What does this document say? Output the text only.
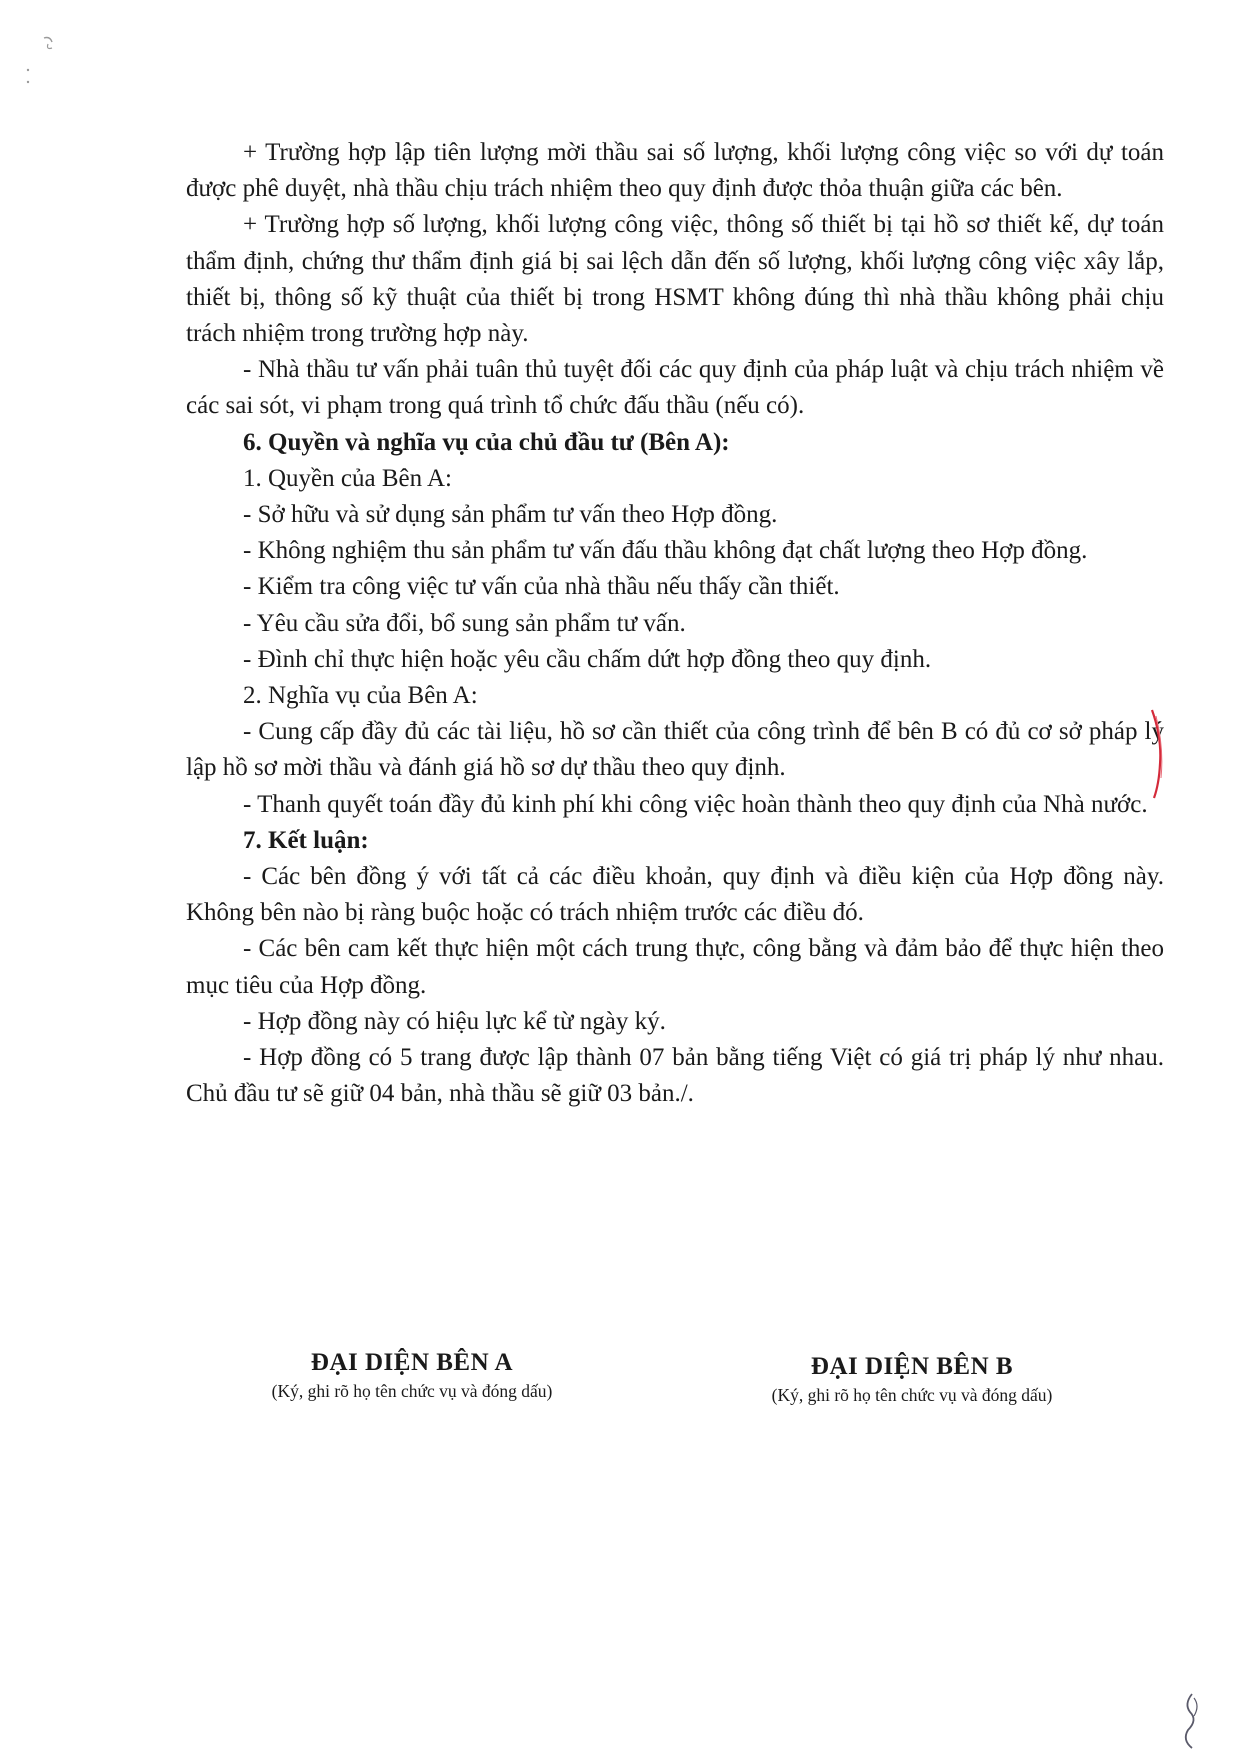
+ Trường hợp lập tiên lượng mời thầu sai số lượng, khối lượng công việc so với dự toán được phê duyệt, nhà thầu chịu trách nhiệm theo quy định được thỏa thuận giữa các bên.

+ Trường hợp số lượng, khối lượng công việc, thông số thiết bị tại hồ sơ thiết kế, dự toán thẩm định, chứng thư thẩm định giá bị sai lệch dẫn đến số lượng, khối lượng công việc xây lắp, thiết bị, thông số kỹ thuật của thiết bị trong HSMT không đúng thì nhà thầu không phải chịu trách nhiệm trong trường hợp này.

- Nhà thầu tư vấn phải tuân thủ tuyệt đối các quy định của pháp luật và chịu trách nhiệm về các sai sót, vi phạm trong quá trình tổ chức đấu thầu (nếu có).

6. Quyền và nghĩa vụ của chủ đầu tư (Bên A):

1. Quyền của Bên A:

- Sở hữu và sử dụng sản phẩm tư vấn theo Hợp đồng.

- Không nghiệm thu sản phẩm tư vấn đấu thầu không đạt chất lượng theo Hợp đồng.

- Kiểm tra công việc tư vấn của nhà thầu nếu thấy cần thiết.

- Yêu cầu sửa đổi, bổ sung sản phẩm tư vấn.

- Đình chỉ thực hiện hoặc yêu cầu chấm dứt hợp đồng theo quy định.

2. Nghĩa vụ của Bên A:

- Cung cấp đầy đủ các tài liệu, hồ sơ cần thiết của công trình để bên B có đủ cơ sở pháp lý lập hồ sơ mời thầu và đánh giá hồ sơ dự thầu theo quy định.

- Thanh quyết toán đầy đủ kinh phí khi công việc hoàn thành theo quy định của Nhà nước.

7. Kết luận:

- Các bên đồng ý với tất cả các điều khoản, quy định và điều kiện của Hợp đồng này. Không bên nào bị ràng buộc hoặc có trách nhiệm trước các điều đó.

- Các bên cam kết thực hiện một cách trung thực, công bằng và đảm bảo để thực hiện theo mục tiêu của Hợp đồng.

- Hợp đồng này có hiệu lực kể từ ngày ký.

- Hợp đồng có 5 trang được lập thành 07 bản bằng tiếng Việt có giá trị pháp lý như nhau. Chủ đầu tư sẽ giữ 04 bản, nhà thầu sẽ giữ 03 bản./.

ĐẠI DIỆN BÊN A
(Ký, ghi rõ họ tên chức vụ và đóng dấu)
ĐẠI DIỆN BÊN B
(Ký, ghi rõ họ tên chức vụ và đóng dấu)
